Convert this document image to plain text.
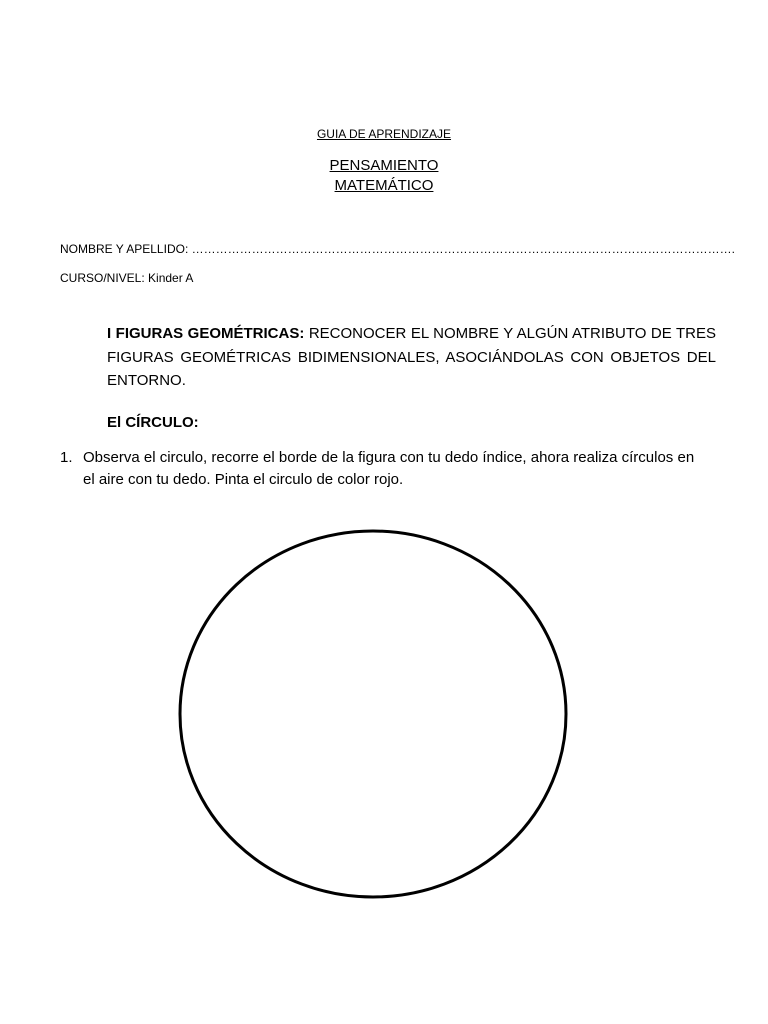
GUIA DE APRENDIZAJE
PENSAMIENTO
MATEMÁTICO
NOMBRE Y APELLIDO: ……………………………………………………………………………………………………………………….
CURSO/NIVEL: Kinder A
I FIGURAS GEOMÉTRICAS: RECONOCER EL NOMBRE Y ALGÚN ATRIBUTO DE TRES FIGURAS GEOMÉTRICAS BIDIMENSIONALES, ASOCIÁNDOLAS CON OBJETOS DEL ENTORNO.
El CÍRCULO:
1. Observa el circulo, recorre el borde de la figura con tu dedo índice, ahora realiza círculos en el aire con tu dedo. Pinta el circulo de color rojo.
